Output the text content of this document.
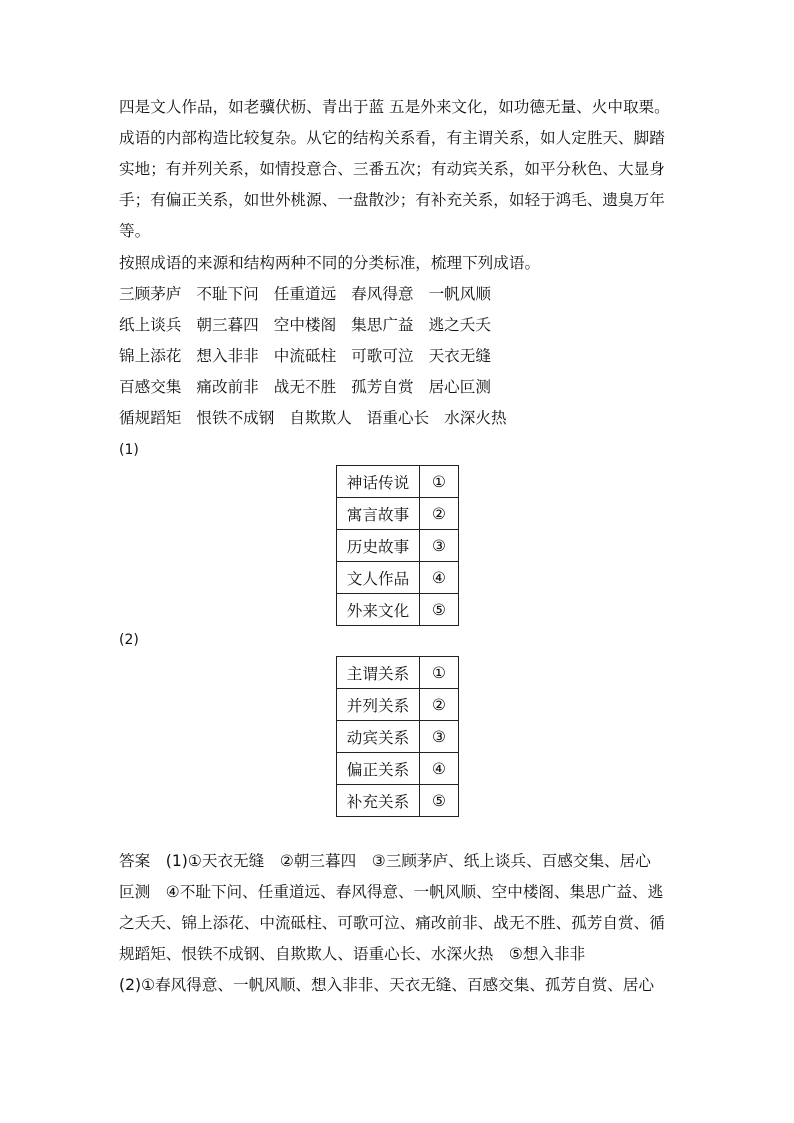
四是文人作品，如老骥伏枥、青出于蓝 五是外来文化，如功德无量、火中取栗。
成语的内部构造比较复杂。从它的结构关系看，有主谓关系，如人定胜天、脚踏
实地；有并列关系，如情投意合、三番五次；有动宾关系，如平分秋色、大显身
手；有偏正关系，如世外桃源、一盘散沙；有补充关系，如轻于鸿毛、遗臭万年
等。
按照成语的来源和结构两种不同的分类标准，梳理下列成语。
三顾茅庐 不耻下问 任重道远 春风得意 一帆风顺
纸上谈兵 朝三暮四 空中楼阁 集思广益 逃之夭夭
锦上添花 想入非非 中流砥柱 可歌可泣 天衣无缝
百感交集 痛改前非 战无不胜 孤芳自赏 居心叵测
循规蹈矩 恨铁不成钢 自欺欺人 语重心长 水深火热
(1)
神话传说	①
寓言故事	②
历史故事	③
文人作品	④
外来文化	⑤
(2)
主谓关系	①
并列关系	②
动宾关系	③
偏正关系	④
补充关系	⑤
答案　(1)①天衣无缝　②朝三暮四　③三顾茅庐、纸上谈兵、百感交集、居心
叵测　④不耻下问、任重道远、春风得意、一帆风顺、空中楼阁、集思广益、逃
之夭夭、锦上添花、中流砥柱、可歌可泣、痛改前非、战无不胜、孤芳自赏、循
规蹈矩、恨铁不成钢、自欺欺人、语重心长、水深火热　⑤想入非非
(2)①春风得意、一帆风顺、想入非非、天衣无缝、百感交集、孤芳自赏、居心
